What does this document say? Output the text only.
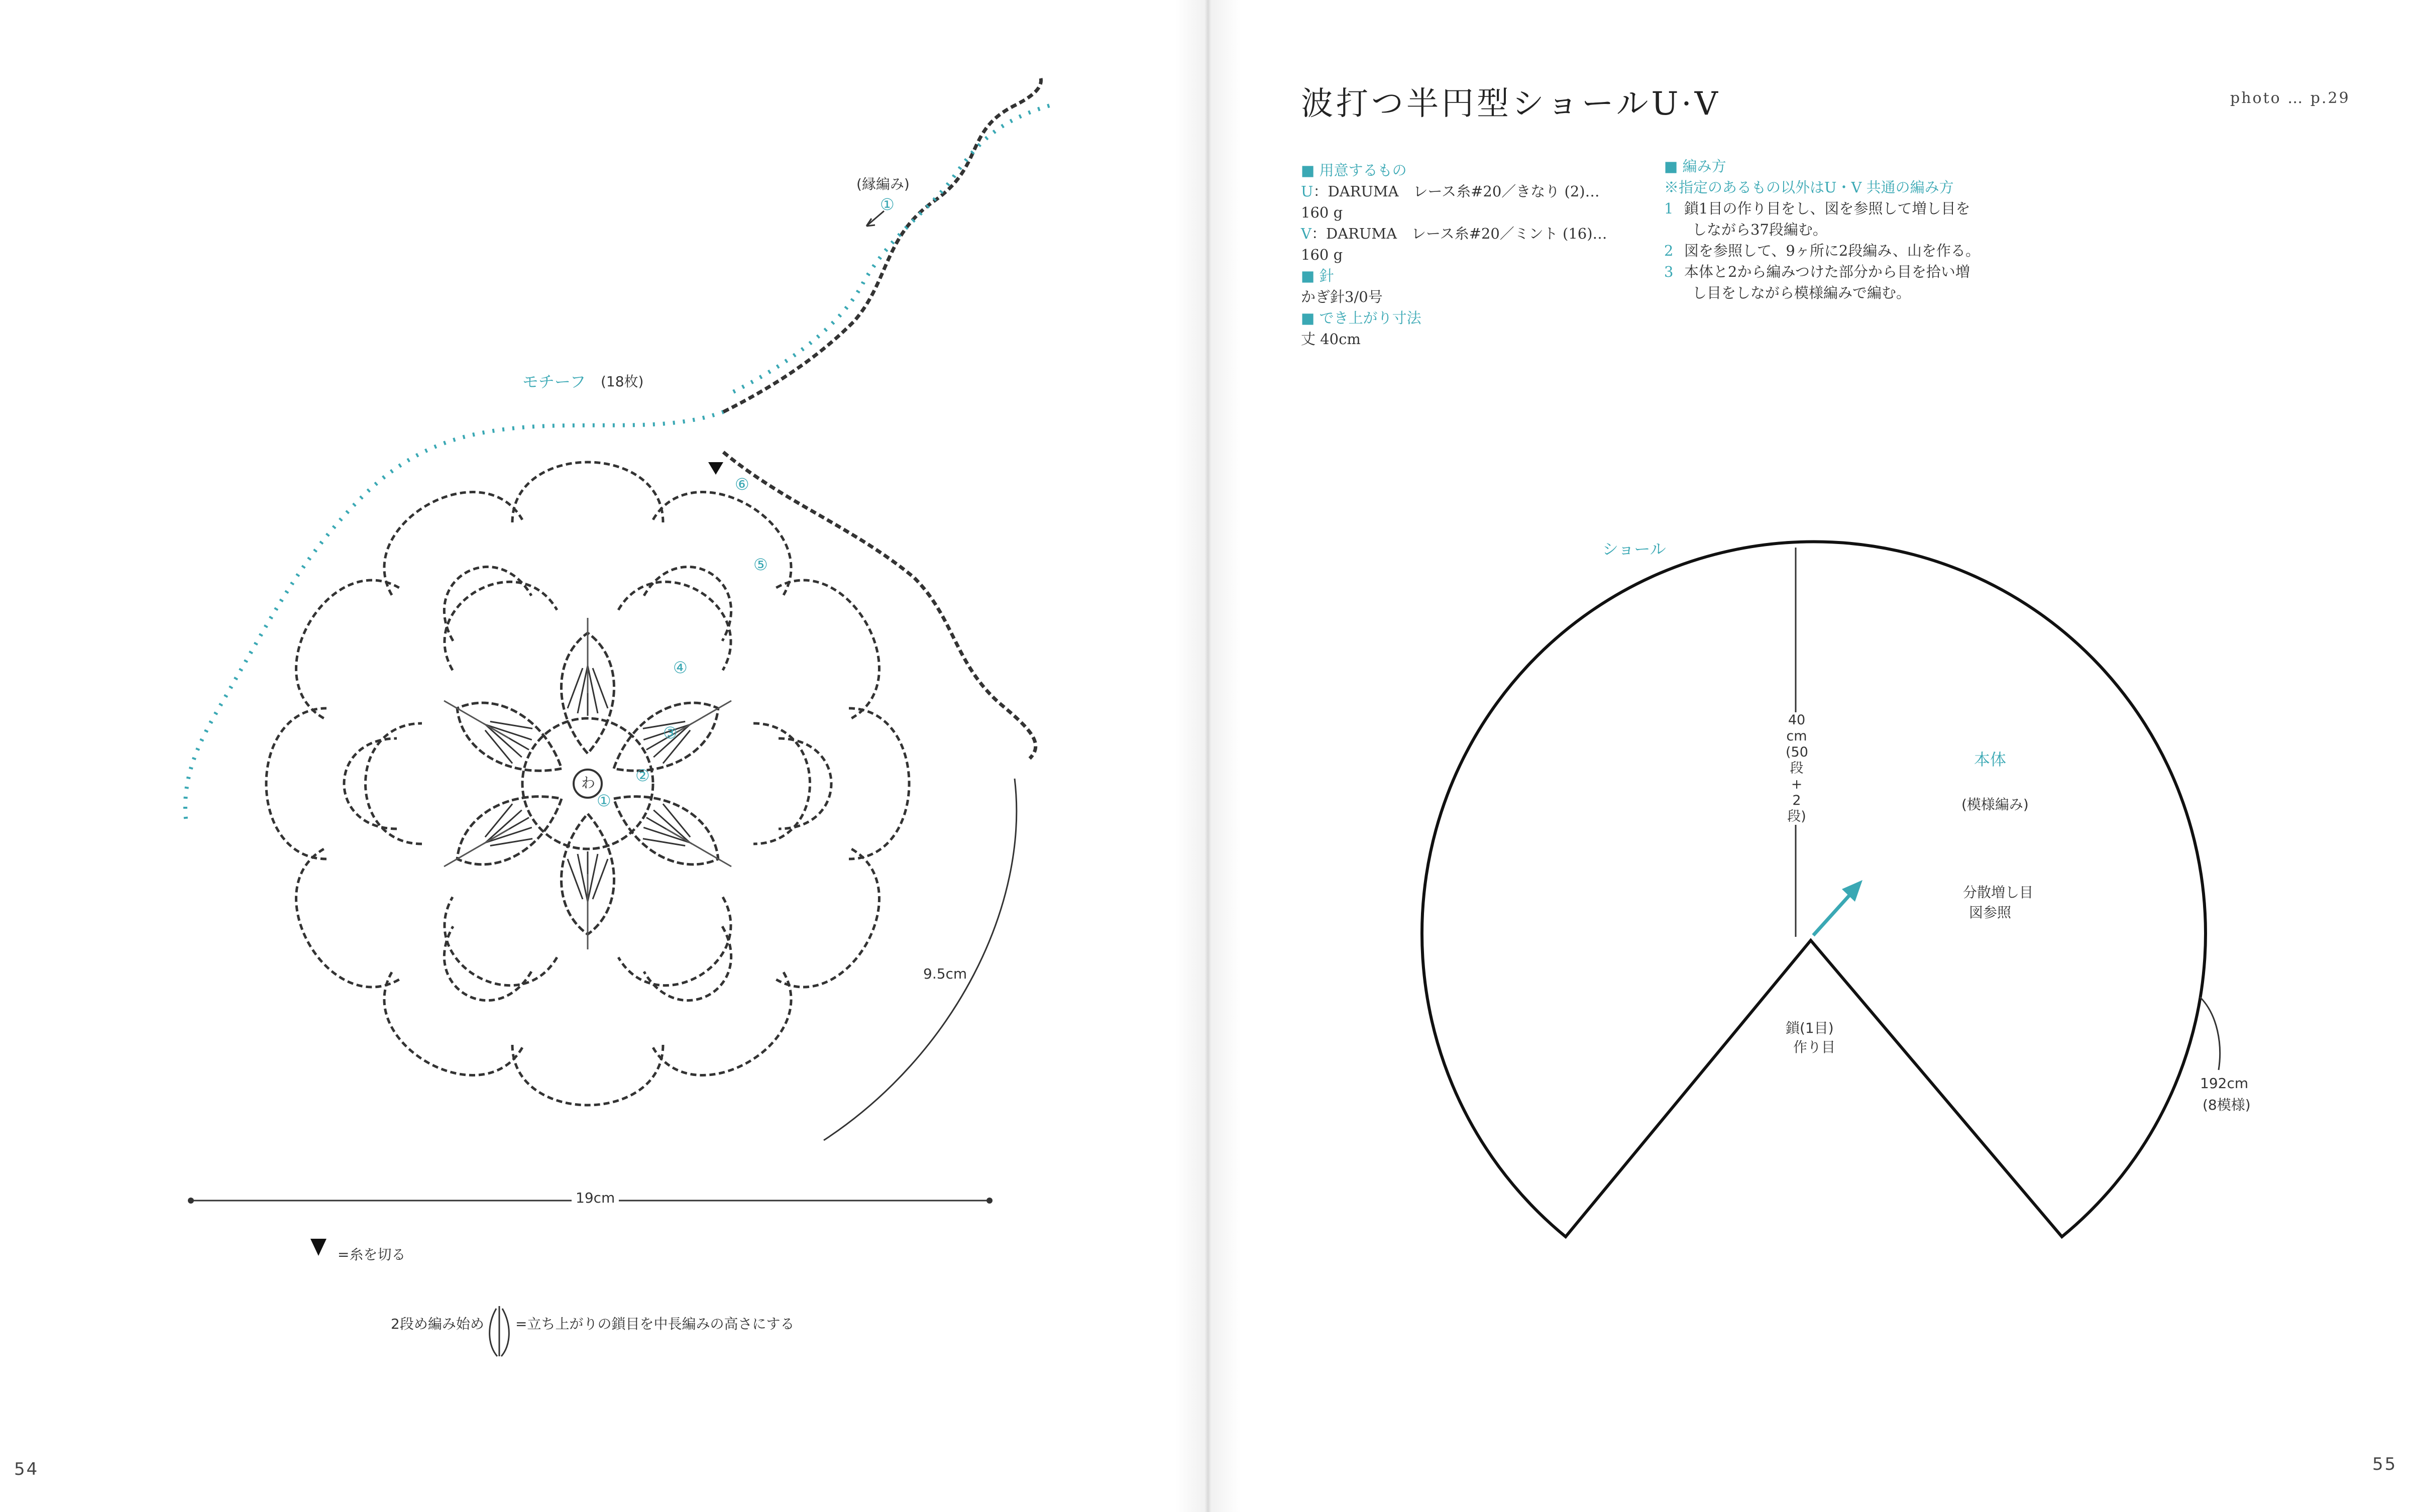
(縁編み)
①
モチーフ (18枚)
①
②
③
④
⑤
⑥
わ
9.5cm
19cm
=糸を切る
2段め編み始め =立ち上がりの鎖目を中長編みの高さにする
54
波打つ半円型ショールU·V	photo … p.29
■ 用意するもの
U：DARUMA　レース糸#20／きなり (2)…
160 g
V：DARUMA　レース糸#20／ミント (16)…
160 g
■ 針
かぎ針3/0号
■ でき上がり寸法
丈 40cm
■ 編み方
※指定のあるもの以外はU・V 共通の編み方
1 鎖1目の作り目をし、図を参照して増し目を
しながら37段編む。
2 図を参照して、9ヶ所に2段編み、山を作る。
3 本体と2から編みつけた部分から目を拾い増
し目をしながら模様編みで編む。
ショール
40
cm
(50
段
+
2
段)
本体
(模様編み)
分散増し目
図参照
鎖(1目)
作り目
192cm
(8模様)
55
